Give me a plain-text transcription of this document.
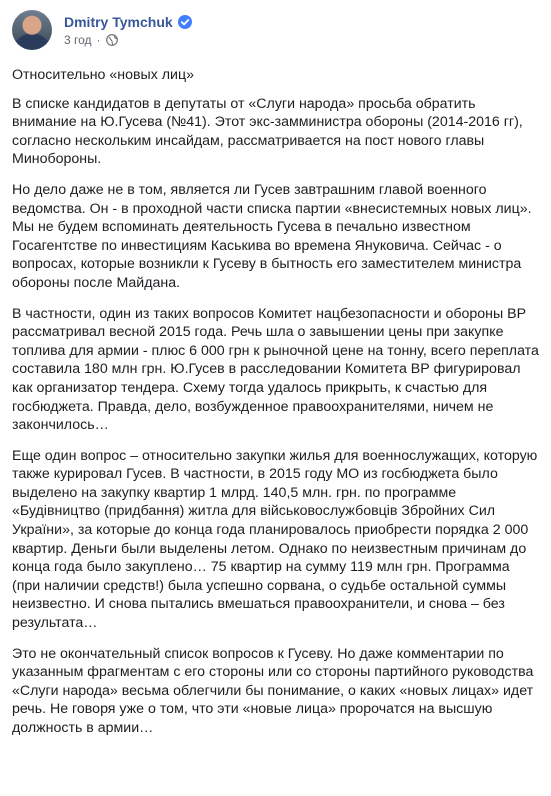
Dmitry Tymchuk
3 год ·

Относительно «новых лиц»

В списке кандидатов в депутаты от «Слуги народа» просьба обратить внимание на Ю.Гусева (№41). Этот экс-замминистра обороны (2014-2016 гг), согласно нескольким инсайдам, рассматривается на пост нового главы Минобороны.

Но дело даже не в том, является ли Гусев завтрашним главой военного ведомства. Он - в проходной части списка партии «внесистемных новых лиц». Мы не будем вспоминать деятельность Гусева в печально известном Госагентстве по инвестициям Каськива во времена Януковича. Сейчас - о вопросах, которые возникли к Гусеву в бытность его заместителем министра обороны после Майдана.

В частности, один из таких вопросов Комитет нацбезопасности и обороны ВР рассматривал весной 2015 года. Речь шла о завышении цены при закупке топлива для армии - плюс 6 000 грн к рыночной цене на тонну, всего переплата составила 180 млн грн. Ю.Гусев в расследовании Комитета ВР фигурировал как организатор тендера. Схему тогда удалось прикрыть, к счастью для госбюджета. Правда, дело, возбужденное правоохранителями, ничем не закончилось…

Еще один вопрос – относительно закупки жилья для военнослужащих, которую также курировал Гусев. В частности, в 2015 году МО из госбюджета было выделено на закупку квартир 1 млрд. 140,5 млн. грн. по программе «Будівництво (придбання) житла для військовослужбовців Збройних Сил України», за которые до конца года планировалось приобрести порядка 2 000 квартир. Деньги были выделены летом. Однако по неизвестным причинам до конца года было закуплено… 75 квартир на сумму 119 млн грн. Программа (при наличии средств!) была успешно сорвана, о судьбе остальной суммы неизвестно. И снова пытались вмешаться правоохранители, и снова – без результата…

Это не окончательный список вопросов к Гусеву. Но даже комментарии по указанным фрагментам с его стороны или со стороны партийного руководства «Слуги народа» весьма облегчили бы понимание, о каких «новых лицах» идет речь. Не говоря уже о том, что эти «новые лица» пророчатся на высшую должность в армии…
